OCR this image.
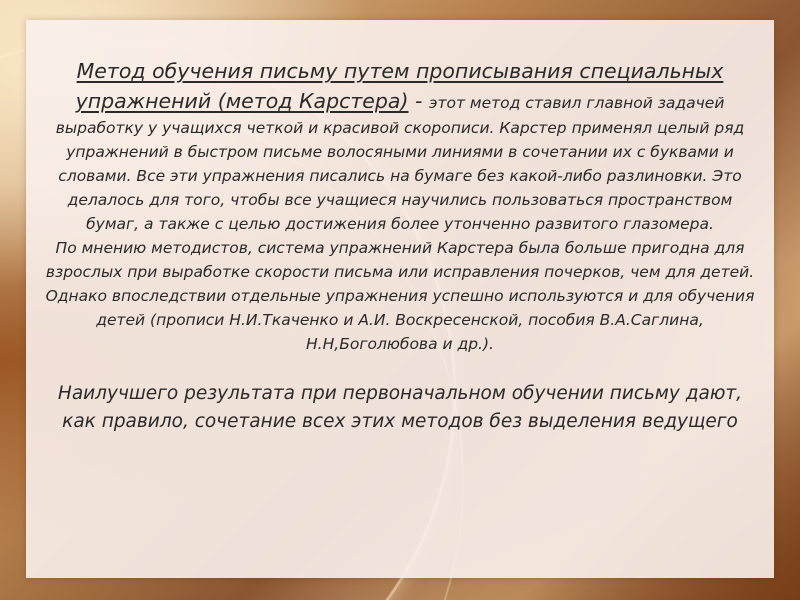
Метод обучения письму путем прописывания специальных упражнений (метод Карстера) - этот метод ставил главной задачей выработку у учащихся четкой и красивой скорописи. Карстер применял целый ряд упражнений в быстром письме волосяными линиями в сочетании их с буквами и словами. Все эти упражнения писались на бумаге без какой-либо разлиновки. Это делалось для того, чтобы все учащиеся научились пользоваться пространством бумаг, а также с целью достижения более утонченно развитого глазомера.

По мнению методистов, система упражнений Карстера была больше пригодна для взрослых при выработке скорости письма или исправления почерков, чем для детей. Однако впоследствии отдельные упражнения успешно используются и для обучения детей (прописи Н.И.Ткаченко и А.И. Воскресенской, пособия В.А.Саглина, Н.Н,Боголюбова и др.).

Наилучшего результата при первоначальном обучении письму дают, как правило, сочетание всех этих методов без выделения ведущего
